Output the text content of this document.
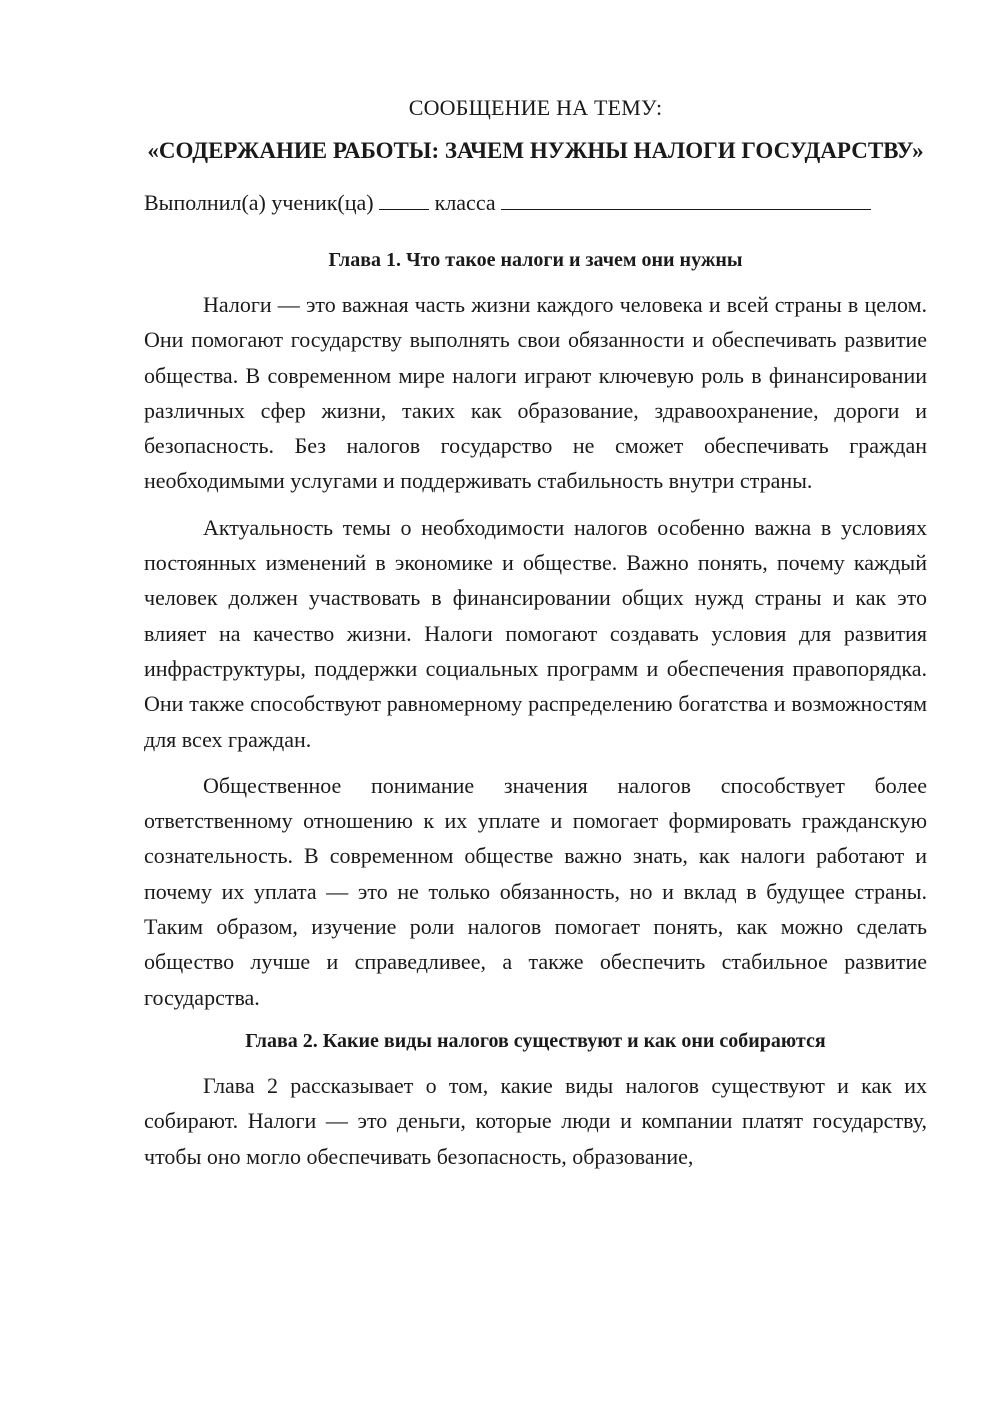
СООБЩЕНИЕ НА ТЕМУ:
«СОДЕРЖАНИЕ РАБОТЫ: ЗАЧЕМ НУЖНЫ НАЛОГИ ГОСУДАРСТВУ»
Выполнил(а) ученик(ца)	класса
Глава 1. Что такое налоги и зачем они нужны

Налоги — это важная часть жизни каждого человека и всей страны в целом. Они помогают государству выполнять свои обязанности и обеспечивать развитие общества. В современном мире налоги играют ключевую роль в финансировании различных сфер жизни, таких как образование, здравоохранение, дороги и безопасность. Без налогов государство не сможет обеспечивать граждан необходимыми услугами и поддерживать стабильность внутри страны.

Актуальность темы о необходимости налогов особенно важна в условиях постоянных изменений в экономике и обществе. Важно понять, почему каждый человек должен участвовать в финансировании общих нужд страны и как это влияет на качество жизни. Налоги помогают создавать условия для развития инфраструктуры, поддержки социальных программ и обеспечения правопорядка. Они также способствуют равномерному распределению богатства и возможностям для всех граждан.

Общественное понимание значения налогов способствует более ответственному отношению к их уплате и помогает формировать гражданскую сознательность. В современном обществе важно знать, как налоги работают и почему их уплата — это не только обязанность, но и вклад в будущее страны. Таким образом, изучение роли налогов помогает понять, как можно сделать общество лучше и справедливее, а также обеспечить стабильное развитие государства.

Глава 2. Какие виды налогов существуют и как они собираются

Глава 2 рассказывает о том, какие виды налогов существуют и как их собирают. Налоги — это деньги, которые люди и компании платят государству, чтобы оно могло обеспечивать безопасность, образование,
